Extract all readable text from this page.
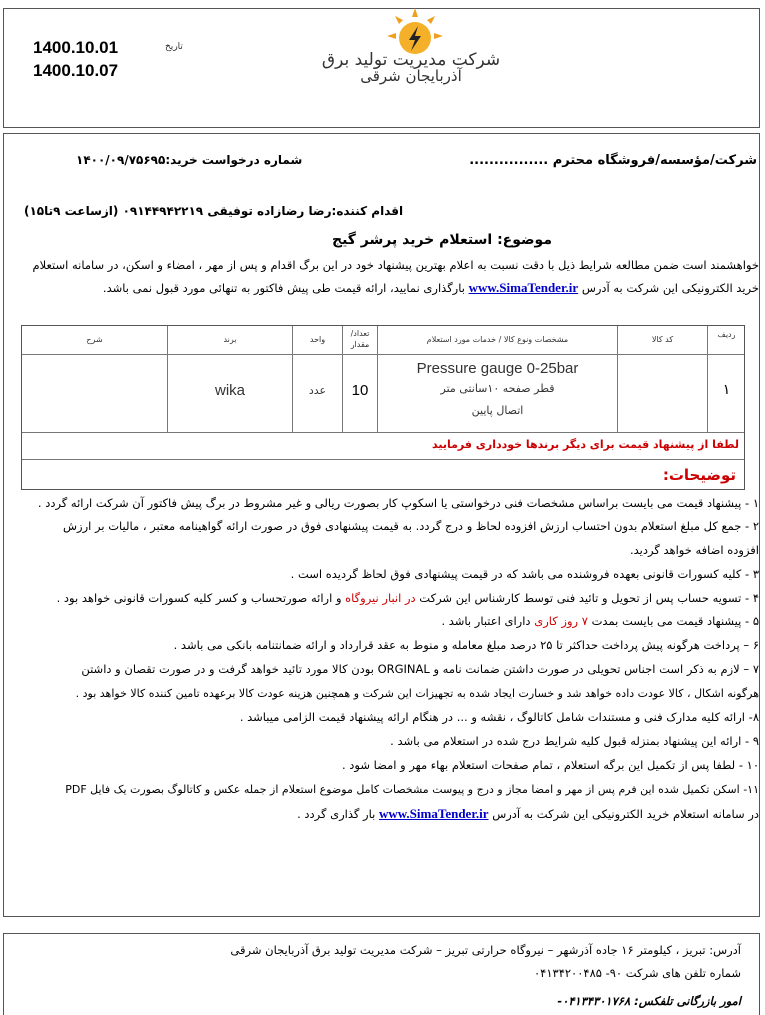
1400.10.01
1400.10.07
تاریخ
شرکت مدیریت تولید برق
آذربایجان شرقی
شرکت/مؤسسه/فروشگاه محترم ................
شماره درخواست خرید:۱۴۰۰/۰۹/۷۵۶۹۵
اقدام کننده:رضا رضازاده توفیقی ۰۹۱۴۴۹۴۲۲۱۹ (ازساعت ۹تا۱۵)
موضوع: استعلام خرید پرشر گیج
خواهشمند است ضمن مطالعه شرایط ذیل با دقت نسبت به اعلام بهترین پیشنهاد خود در این برگ اقدام و پس از مهر ، امضاء و اسکن، در سامانه استعلام
خرید الکترونیکی این شرکت به آدرس www.SimaTender.ir بارگذاری نمایید، ارائه قیمت طی پیش فاکتور به تنهائی مورد قبول نمی باشد.
ردیف
کد کالا
مشخصات ونوع کالا / خدمات مورد استعلام
تعداد/ مقدار
واحد
برند
شرح
۱
Pressure gauge 0-25bar
قطر صفحه ۱۰سانتی متر
اتصال پایین
10
عدد
wika
لطفا از پیشنهاد قیمت برای دیگر برندها خودداری فرمایید
توضیحات:
۱ - پیشنهاد قیمت می بایست براساس مشخصات فنی درخواستی یا اسکوپ کار بصورت ریالی و غیر مشروط در برگ پیش فاکتور آن شرکت ارائه گردد .
۲ - جمع کل مبلغ استعلام بدون احتساب ارزش افزوده لحاظ و درج گردد. به قیمت پیشنهادی فوق در صورت ارائه گواهینامه معتبر ، مالیات بر ارزش
افزوده اضافه خواهد گردید.
۳ - کلیه کسورات قانونی بعهده فروشنده می باشد که در قیمت پیشنهادی فوق لحاظ گردیده است .
۴ - تسویه حساب پس از تحویل و تائید فنی توسط کارشناس این شرکت در انبار نیروگاه و ارائه صورتحساب و کسر کلیه کسورات قانونی خواهد بود .
۵ - پیشنهاد قیمت می بایست بمدت ۷ روز کاری دارای اعتبار باشد .
۶ – پرداخت هرگونه پیش پرداخت حداکثر تا ۲۵ درصد مبلغ معامله و منوط به عقد قرارداد و ارائه ضمانتنامه بانکی می باشد .
۷ – لازم به ذکر است اجناس تحویلی در صورت داشتن ضمانت نامه و ORGINAL بودن کالا مورد تائید خواهد گرفت و در صورت تقصان و داشتن
هرگونه اشکال ، کالا عودت داده خواهد شد و خسارت ایجاد شده به تجهیزات این شرکت و همچنین هزینه عودت کالا برعهده تامین کننده کالا خواهد بود .
۸- ارائه کلیه مدارک فنی و مستندات شامل کاتالوگ ، نقشه و ... در هنگام ارائه پیشنهاد قیمت الزامی میباشد .
۹ - ارائه این پیشنهاد بمنزله قبول کلیه شرایط درج شده در استعلام می باشد .
۱۰ - لطفا پس از تکمیل این برگه استعلام ، تمام صفحات استعلام بهاء مهر و امضا شود .
۱۱- اسکن تکمیل شده این فرم پس از مهر و امضا مجاز و درج و پیوست مشخصات کامل موضوع استعلام از جمله عکس و کاتالوگ بصورت یک فایل PDF
در سامانه استعلام خرید الکترونیکی این شرکت به آدرس www.SimaTender.ir بار گذاری گردد .
آدرس: تبریز ، کیلومتر ۱۶ جاده آذرشهر – نیروگاه حرارتی تبریز – شرکت مدیریت تولید برق آذربایجان شرقی
شماره تلفن های شرکت ۹۰- ۰۴۱۳۴۲۰۰۴۸۵
امور بازرگانی تلفکس: ۰۴۱۳۴۳۰۱۷۶۸-
